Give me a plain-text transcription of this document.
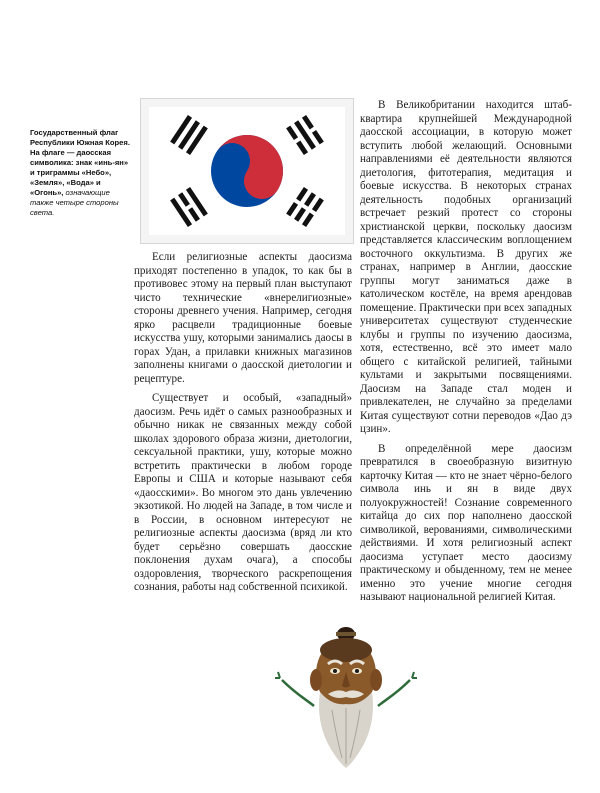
Государственный флаг Республики Южная Корея. На флаге — даосская символика: знак «инь-ян» и триграммы «Небо», «Земля», «Вода» и «Огонь», означающие также четыре стороны света.

Если религиозные аспекты даосизма приходят постепенно в упадок, то как бы в противовес этому на первый план выступают чисто технические «внерелигиозные» стороны древнего учения. Например, сегодня ярко расцвели традиционные боевые искусства ушу, которыми занимались даосы в горах Удан, а прилавки книжных магазинов заполнены книгами о даосской диетологии и рецептуре.

Существует и особый, «западный» даосизм. Речь идёт о самых разнообразных и обычно никак не связанных между собой школах здорового образа жизни, диетологии, сексуальной практики, ушу, которые можно встретить практически в любом городе Европы и США и которые называют себя «даосскими». Во многом это дань увлечению экзотикой. Но людей на Западе, в том числе и в России, в основном интересуют не религиозные аспекты даосизма (вряд ли кто будет серьёзно совершать даосские поклонения духам очага), а способы оздоровления, творческого раскрепощения сознания, работы над собственной психикой.

В Великобритании находится штаб-квартира крупнейшей Международной даосской ассоциации, в которую может вступить любой желающий. Основными направлениями её деятельности являются диетология, фитотерапия, медитация и боевые искусства. В некоторых странах деятельность подобных организаций встречает резкий протест со стороны христианской церкви, поскольку даосизм представляется классическим воплощением восточного оккультизма. В других же странах, например в Англии, даосские группы могут заниматься даже в католическом костёле, на время арендовав помещение. Практически при всех западных университетах существуют студенческие клубы и группы по изучению даосизма, хотя, естественно, всё это имеет мало общего с китайской религией, тайными культами и закрытыми посвящениями. Даосизм на Западе стал моден и привлекателен, не случайно за пределами Китая существуют сотни переводов «Дао дэ цзин».

В определённой мере даосизм превратился в своеобразную визитную карточку Китая — кто не знает чёрно-белого символа инь и ян в виде двух полуокружностей! Сознание современного китайца до сих пор наполнено даосской символикой, верованиями, символическими действиями. И хотя религиозный аспект даосизма уступает место даосизму практическому и обыденному, тем не менее именно это учение многие сегодня называют национальной религией Китая.
